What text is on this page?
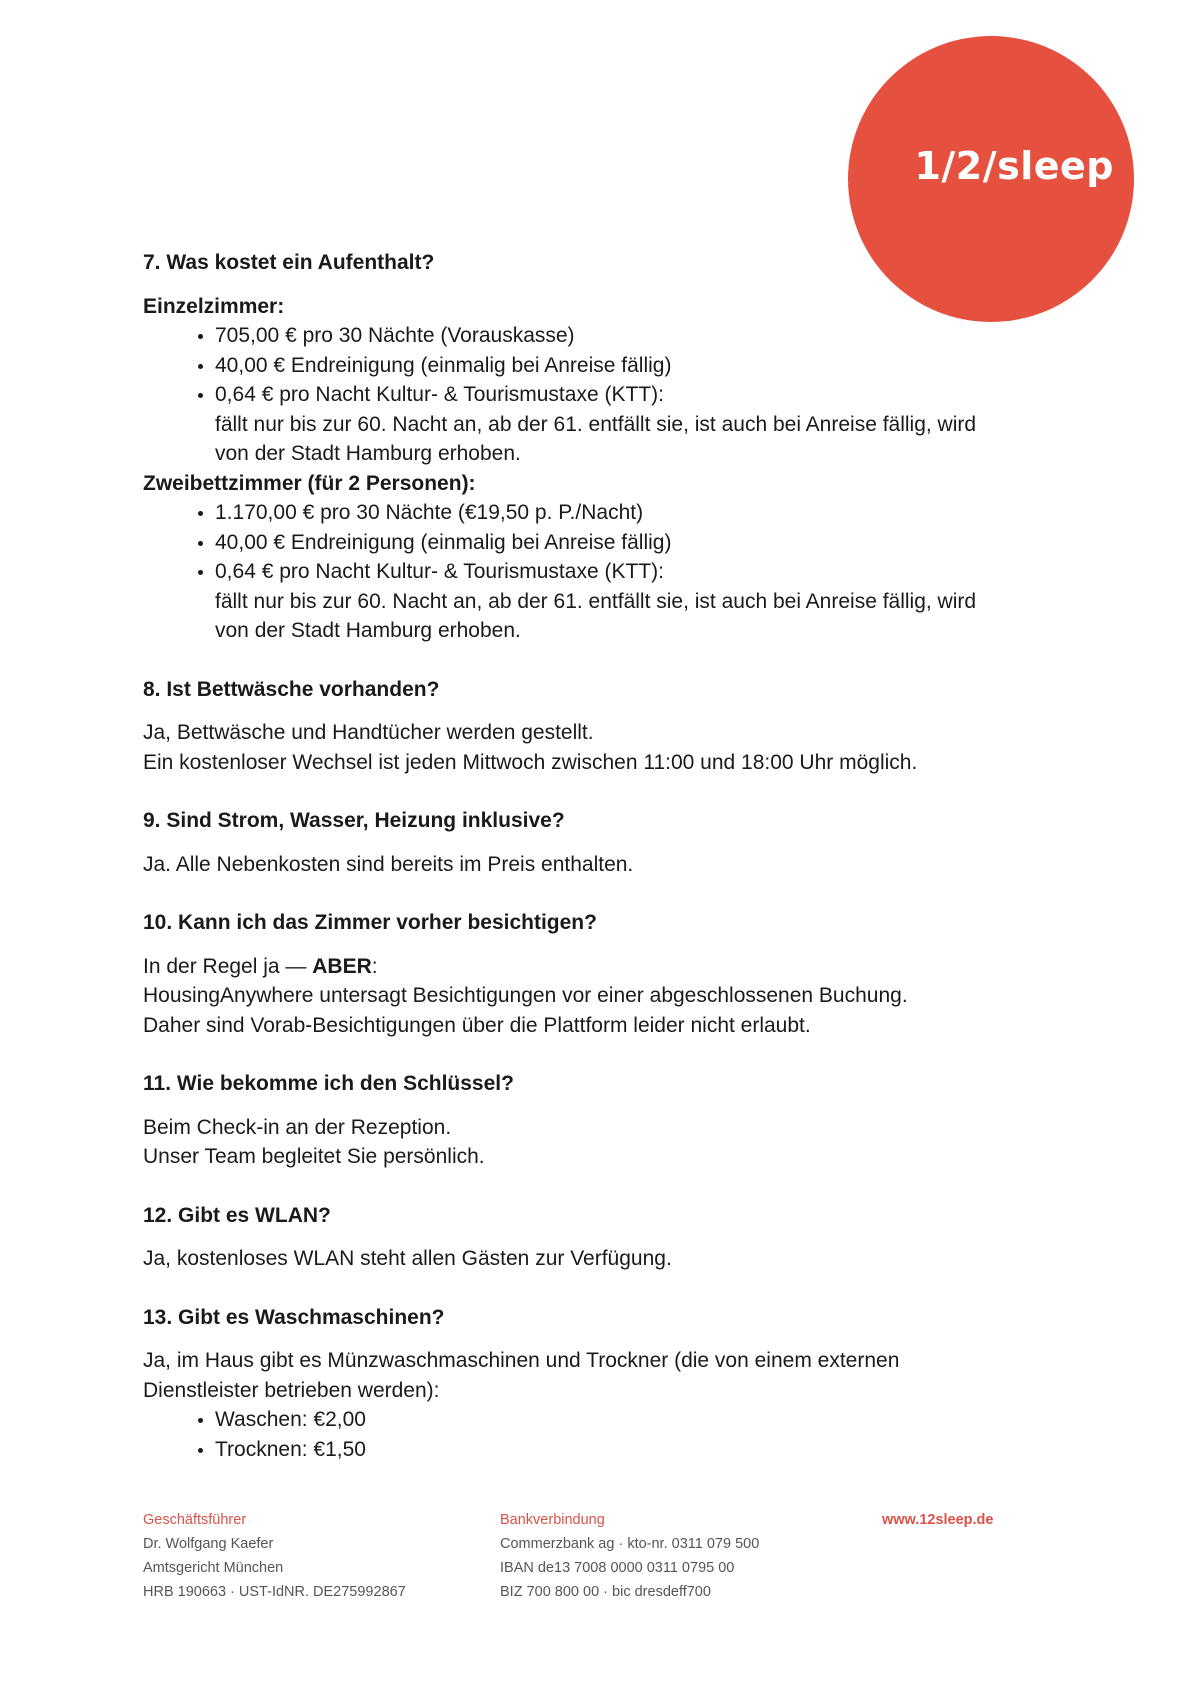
1/2/sleep

7. Was kostet ein Aufenthalt?

Einzelzimmer:
• 705,00 € pro 30 Nächte (Vorauskasse)
• 40,00 € Endreinigung (einmalig bei Anreise fällig)
• 0,64 € pro Nacht Kultur- & Tourismustaxe (KTT):
fällt nur bis zur 60. Nacht an, ab der 61. entfällt sie, ist auch bei Anreise fällig, wird
von der Stadt Hamburg erhoben.
Zweibettzimmer (für 2 Personen):
• 1.170,00 € pro 30 Nächte (€19,50 p. P./Nacht)
• 40,00 € Endreinigung (einmalig bei Anreise fällig)
• 0,64 € pro Nacht Kultur- & Tourismustaxe (KTT):
fällt nur bis zur 60. Nacht an, ab der 61. entfällt sie, ist auch bei Anreise fällig, wird
von der Stadt Hamburg erhoben.

8. Ist Bettwäsche vorhanden?

Ja, Bettwäsche und Handtücher werden gestellt.
Ein kostenloser Wechsel ist jeden Mittwoch zwischen 11:00 und 18:00 Uhr möglich.

9. Sind Strom, Wasser, Heizung inklusive?

Ja. Alle Nebenkosten sind bereits im Preis enthalten.

10. Kann ich das Zimmer vorher besichtigen?

In der Regel ja — ABER:
HousingAnywhere untersagt Besichtigungen vor einer abgeschlossenen Buchung.
Daher sind Vorab-Besichtigungen über die Plattform leider nicht erlaubt.

11. Wie bekomme ich den Schlüssel?

Beim Check-in an der Rezeption.
Unser Team begleitet Sie persönlich.

12. Gibt es WLAN?

Ja, kostenloses WLAN steht allen Gästen zur Verfügung.

13. Gibt es Waschmaschinen?

Ja, im Haus gibt es Münzwaschmaschinen und Trockner (die von einem externen
Dienstleister betrieben werden):
• Waschen: €2,00
• Trocknen: €1,50
Geschäftsführer
Dr. Wolfgang Kaefer
Amtsgericht München
HRB 190663 · UST-IdNR. DE275992867
Bankverbindung
Commerzbank ag · kto-nr. 0311 079 500
IBAN de13 7008 0000 0311 0795 00
BIZ 700 800 00 · bic dresdeff700
www.12sleep.de
